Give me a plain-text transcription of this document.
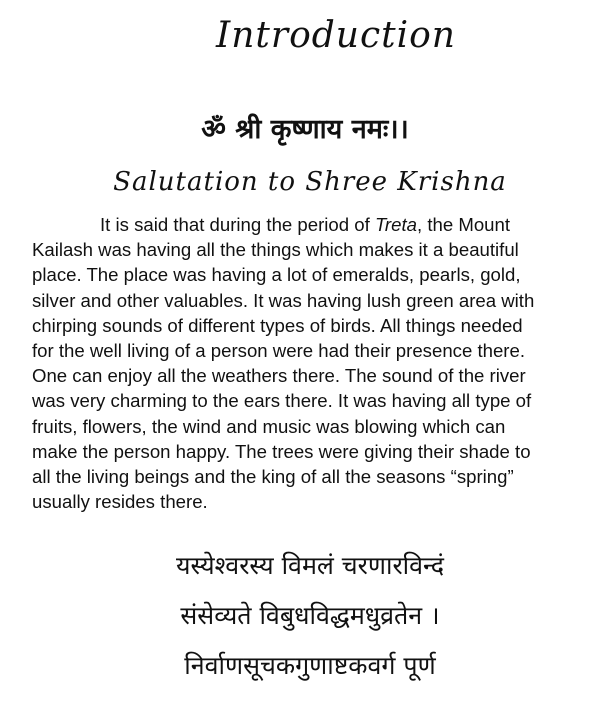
Introduction
ॐ श्री कृष्णाय नमः।।
Salutation to Shree Krishna
It is said that during the period of Treta, the Mount
Kailash was having all the things which makes it a beautiful
place. The place was having a lot of emeralds, pearls, gold,
silver and other valuables. It was having lush green area with
chirping sounds of different types of birds. All things needed
for the well living of a person were had their presence there.
One can enjoy all the weathers there. The sound of the river
was very charming to the ears there. It was having all type of
fruits, flowers, the wind and music was blowing which can
make the person happy. The trees were giving their shade to
all the living beings and the king of all the seasons “spring”
usually resides there.
यस्येश्वरस्य विमलं चरणारविन्दं
संसेव्यते विबुधविद्धमधुव्रतेन ।
निर्वाणसूचकगुणाष्टकवर्ग पूर्ण
